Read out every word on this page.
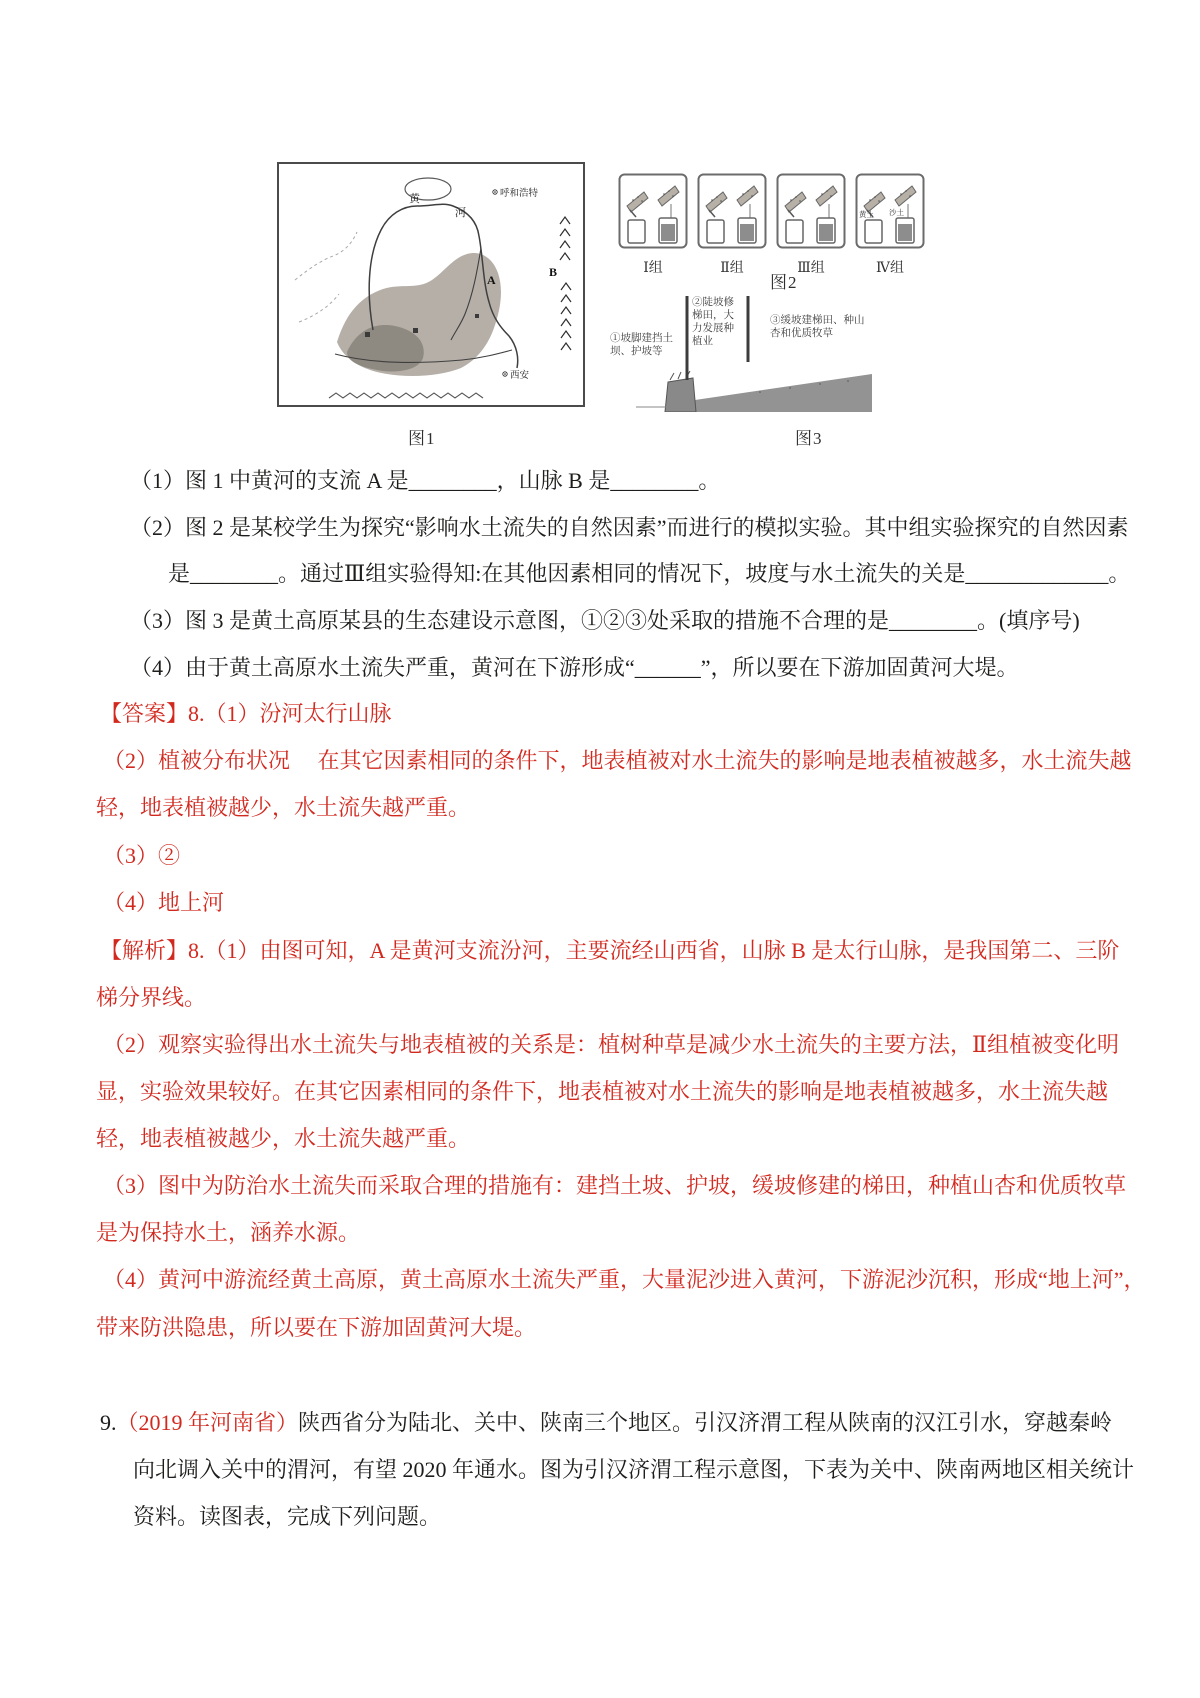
呼和浩特
黄
河
A
B
西安
图1
黄土 沙土
Ⅰ组	Ⅱ组	Ⅲ组	Ⅳ组
图2
①坡脚建挡土坝、护坡等
②陡坡修梯田，大力发展种植业
③缓坡建梯田、种山杏和优质牧草
图3
（1）图 1 中黄河的支流 A 是________，山脉 B 是________。
（2）图 2 是某校学生为探究“影响水土流失的自然因素”而进行的模拟实验。其中组实验探究的自然因素
是________。通过Ⅲ组实验得知:在其他因素相同的情况下，坡度与水土流失的关是_____________。
（3）图 3 是黄土高原某县的生态建设示意图，①②③处采取的措施不合理的是________。(填序号)
（4）由于黄土高原水土流失严重，黄河在下游形成“______”，所以要在下游加固黄河大堤。
【答案】8.（1）汾河太行山脉
（2）植被分布状况　 在其它因素相同的条件下，地表植被对水土流失的影响是地表植被越多，水土流失越
轻，地表植被越少，水土流失越严重。
（3）②
（4）地上河
【解析】8.（1）由图可知，A 是黄河支流汾河，主要流经山西省，山脉 B 是太行山脉，是我国第二、三阶
梯分界线。
（2）观察实验得出水土流失与地表植被的关系是：植树种草是减少水土流失的主要方法，Ⅱ组植被变化明
显，实验效果较好。在其它因素相同的条件下，地表植被对水土流失的影响是地表植被越多，水土流失越
轻，地表植被越少，水土流失越严重。
（3）图中为防治水土流失而采取合理的措施有：建挡土坡、护坡，缓坡修建的梯田，种植山杏和优质牧草
是为保持水土，涵养水源。
（4）黄河中游流经黄土高原，黄土高原水土流失严重，大量泥沙进入黄河，下游泥沙沉积，形成“地上河”，
带来防洪隐患，所以要在下游加固黄河大堤。
9.（2019 年河南省）陕西省分为陆北、关中、陕南三个地区。引汉济渭工程从陕南的汉江引水，穿越秦岭
向北调入关中的渭河，有望 2020 年通水。图为引汉济渭工程示意图，下表为关中、陕南两地区相关统计
资料。读图表，完成下列问题。
